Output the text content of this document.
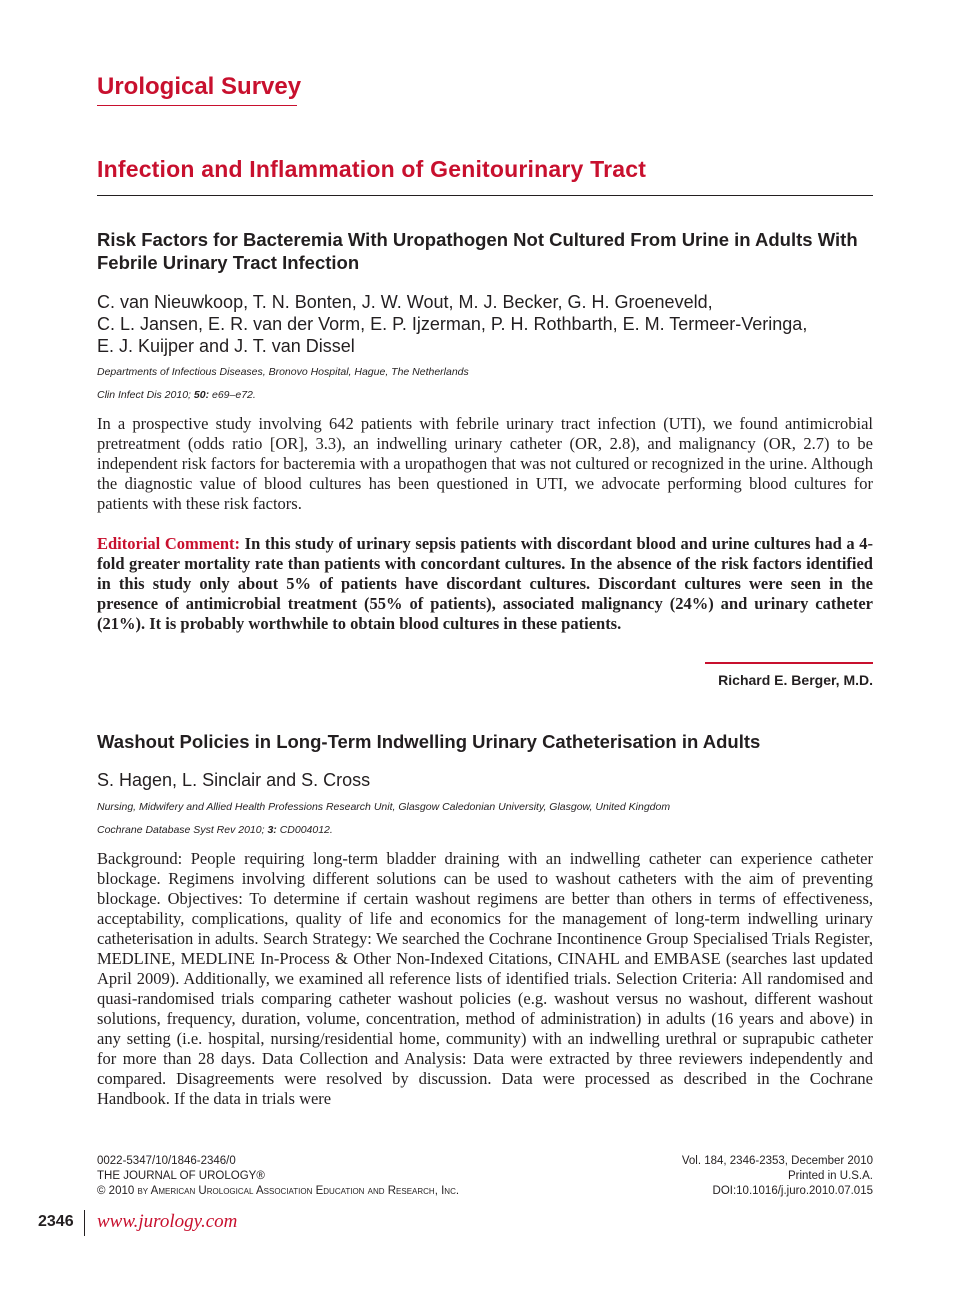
Urological Survey
Infection and Inflammation of Genitourinary Tract
Risk Factors for Bacteremia With Uropathogen Not Cultured From Urine in Adults With Febrile Urinary Tract Infection

C. van Nieuwkoop, T. N. Bonten, J. W. Wout, M. J. Becker, G. H. Groeneveld,

C. L. Jansen, E. R. van der Vorm, E. P. Ijzerman, P. H. Rothbarth, E. M. Termeer-Veringa,

E. J. Kuijper and J. T. van Dissel

Departments of Infectious Diseases, Bronovo Hospital, Hague, The Netherlands

Clin Infect Dis 2010; 50: e69–e72.

In a prospective study involving 642 patients with febrile urinary tract infection (UTI), we found antimicrobial pretreatment (odds ratio [OR], 3.3), an indwelling urinary catheter (OR, 2.8), and malignancy (OR, 2.7) to be independent risk factors for bacteremia with a uropathogen that was not cultured or recognized in the urine. Although the diagnostic value of blood cultures has been questioned in UTI, we advocate performing blood cultures for patients with these risk factors.

Editorial Comment: In this study of urinary sepsis patients with discordant blood and urine cultures had a 4-fold greater mortality rate than patients with concordant cultures. In the absence of the risk factors identified in this study only about 5% of patients have discordant cultures. Discordant cultures were seen in the presence of antimicrobial treatment (55% of patients), associated malignancy (24%) and urinary catheter (21%). It is probably worthwhile to obtain blood cultures in these patients.

Richard E. Berger, M.D.

Washout Policies in Long-Term Indwelling Urinary Catheterisation in Adults

S. Hagen, L. Sinclair and S. Cross

Nursing, Midwifery and Allied Health Professions Research Unit, Glasgow Caledonian University, Glasgow, United Kingdom

Cochrane Database Syst Rev 2010; 3: CD004012.

Background: People requiring long-term bladder draining with an indwelling catheter can experience catheter blockage. Regimens involving different solutions can be used to washout catheters with the aim of preventing blockage. Objectives: To determine if certain washout regimens are better than others in terms of effectiveness, acceptability, complications, quality of life and economics for the management of long-term indwelling urinary catheterisation in adults. Search Strategy: We searched the Cochrane Incontinence Group Specialised Trials Register, MEDLINE, MEDLINE In-Process & Other Non-Indexed Citations, CINAHL and EMBASE (searches last updated April 2009). Additionally, we examined all reference lists of identified trials. Selection Criteria: All randomised and quasi-randomised trials comparing catheter washout policies (e.g. washout versus no washout, different washout solutions, frequency, duration, volume, concentration, method of administration) in adults (16 years and above) in any setting (i.e. hospital, nursing/residential home, community) with an indwelling urethral or suprapubic catheter for more than 28 days. Data Collection and Analysis: Data were extracted by three reviewers independently and compared. Disagreements were resolved by discussion. Data were processed as described in the Cochrane Handbook. If the data in trials were

0022-5347/10/1846-2346/0
THE JOURNAL OF UROLOGY®
© 2010 by American Urological Association Education and Research, Inc.
Vol. 184, 2346-2353, December 2010
Printed in U.S.A.
DOI:10.1016/j.juro.2010.07.015
2346 www.jurology.com
